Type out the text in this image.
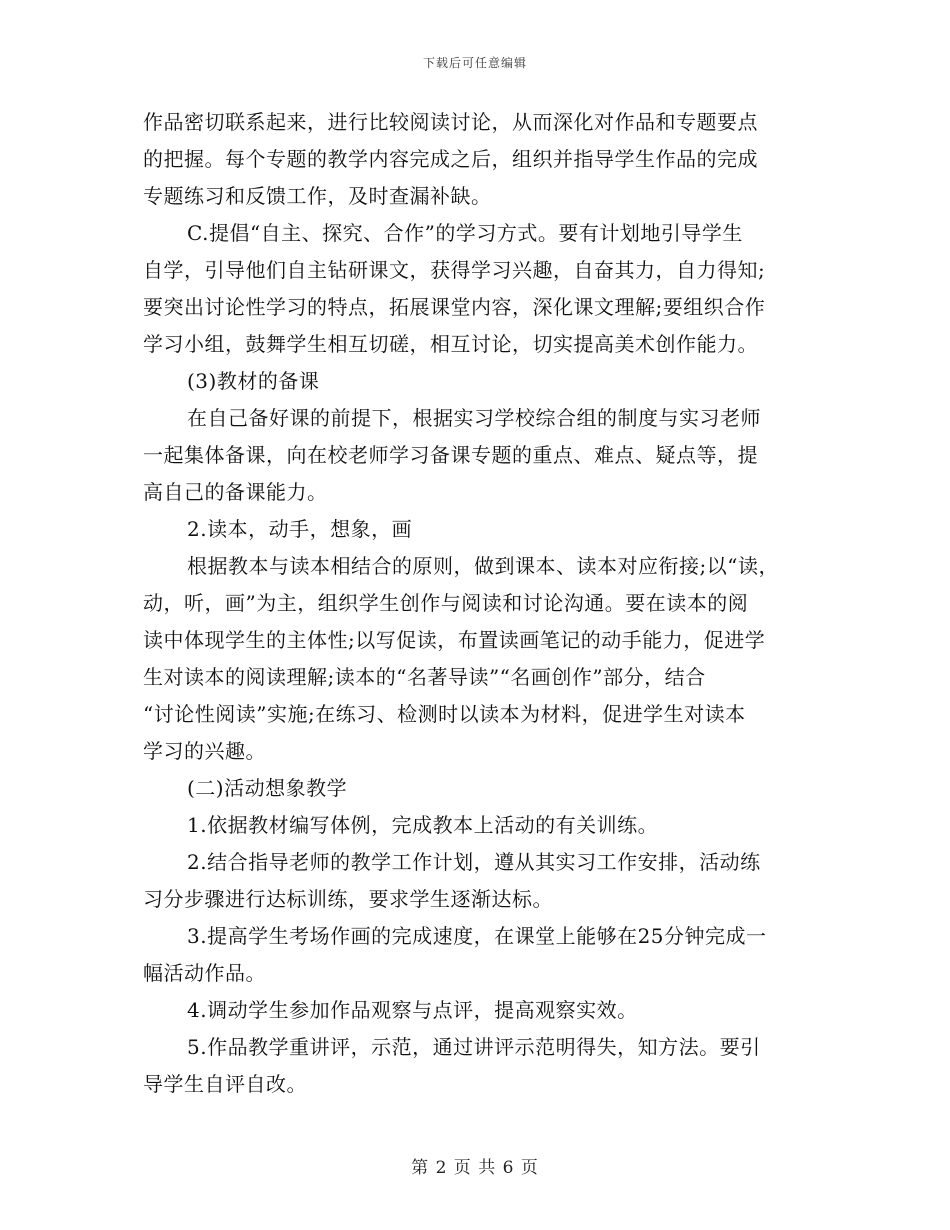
下载后可任意编辑
作品密切联系起来，进行比较阅读讨论，从而深化对作品和专题要点
的把握。每个专题的教学内容完成之后，组织并指导学生作品的完成
专题练习和反馈工作，及时查漏补缺。
C.提倡“自主、探究、合作”的学习方式。要有计划地引导学生
自学，引导他们自主钻研课文，获得学习兴趣，自奋其力，自力得知;
要突出讨论性学习的特点，拓展课堂内容，深化课文理解;要组织合作
学习小组，鼓舞学生相互切磋，相互讨论，切实提高美术创作能力。
(3)教材的备课
在自己备好课的前提下，根据实习学校综合组的制度与实习老师
一起集体备课，向在校老师学习备课专题的重点、难点、疑点等，提
高自己的备课能力。
2.读本，动手，想象，画
根据教本与读本相结合的原则，做到课本、读本对应衔接;以“读，
动，听，画”为主，组织学生创作与阅读和讨论沟通。要在读本的阅
读中体现学生的主体性;以写促读，布置读画笔记的动手能力，促进学
生对读本的阅读理解;读本的“名著导读”“名画创作”部分，结合
“讨论性阅读”实施;在练习、检测时以读本为材料，促进学生对读本
学习的兴趣。
(二)活动想象教学
1.依据教材编写体例，完成教本上活动的有关训练。
2.结合指导老师的教学工作计划，遵从其实习工作安排，活动练
习分步骤进行达标训练，要求学生逐渐达标。
3.提高学生考场作画的完成速度，在课堂上能够在25分钟完成一
幅活动作品。
4.调动学生参加作品观察与点评，提高观察实效。
5.作品教学重讲评，示范，通过讲评示范明得失，知方法。要引
导学生自评自改。
第 2 页 共 6 页
